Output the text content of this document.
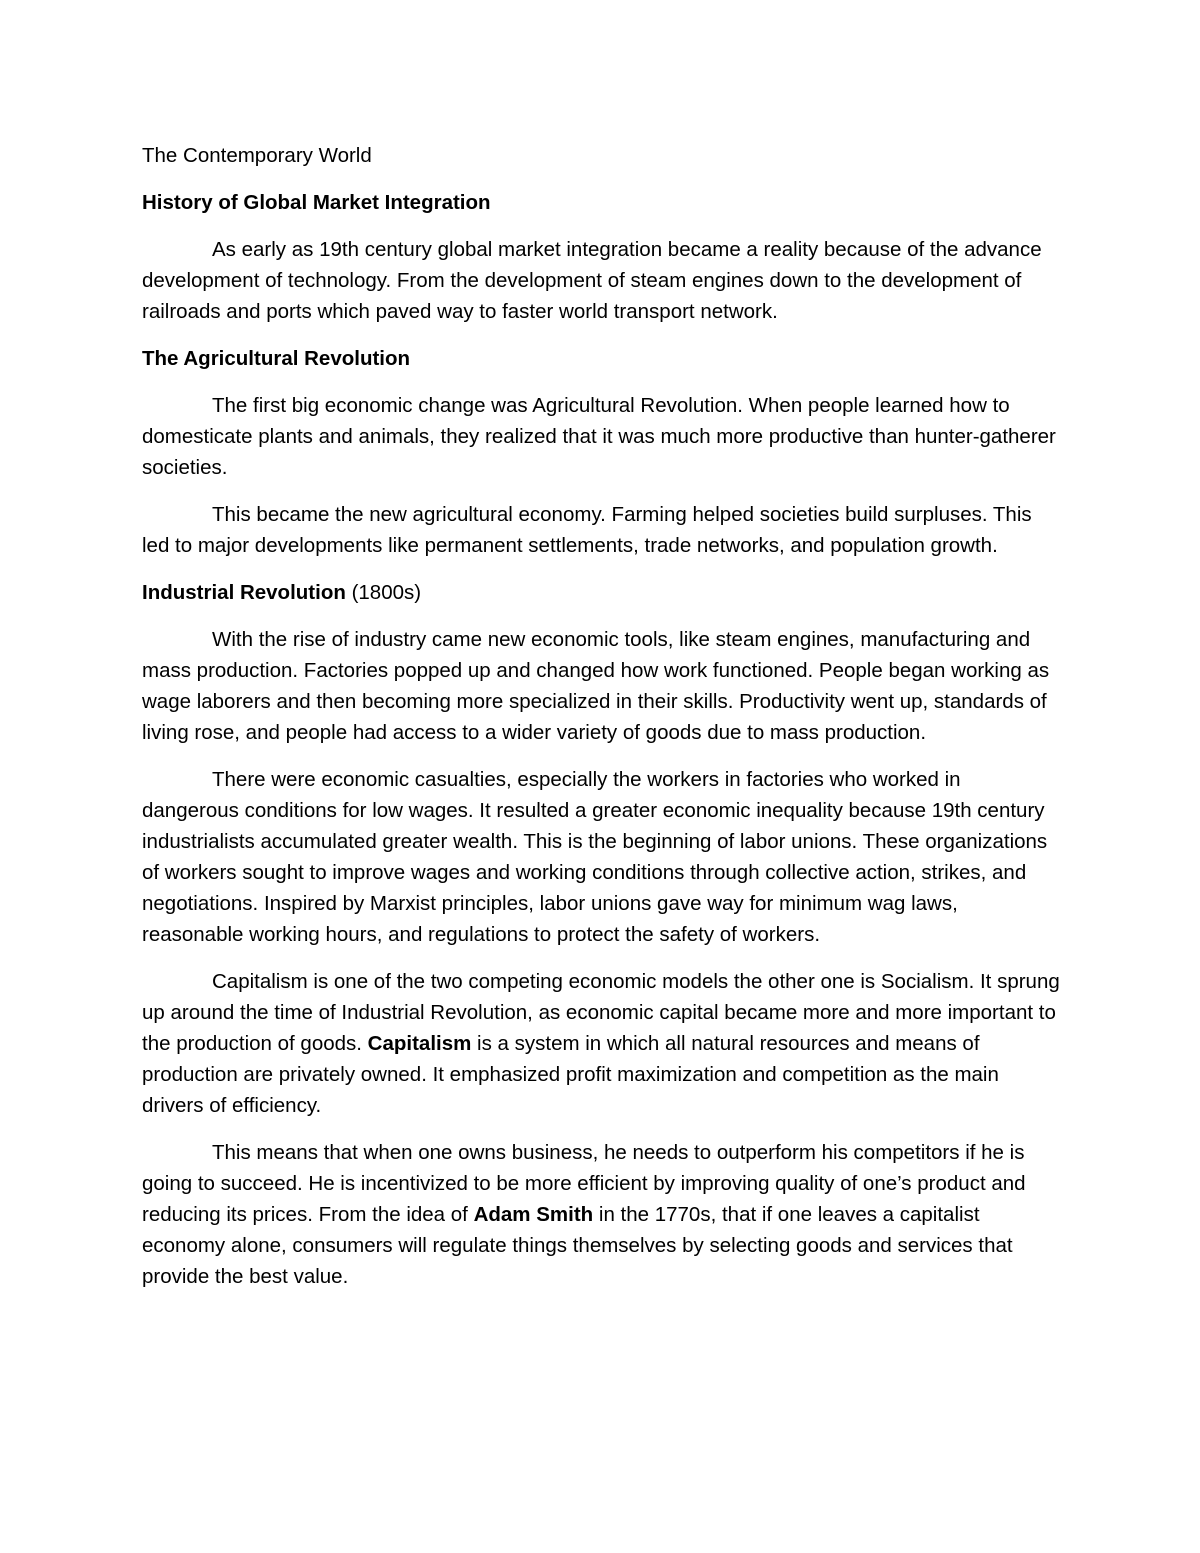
The Contemporary World

History of Global Market Integration

As early as 19th century global market integration became a reality because of the advance development of technology. From the development of steam engines down to the development of railroads and ports which paved way to faster world transport network.

The Agricultural Revolution

The first big economic change was Agricultural Revolution. When people learned how to domesticate plants and animals, they realized that it was much more productive than hunter-gatherer societies.

This became the new agricultural economy. Farming helped societies build surpluses. This led to major developments like permanent settlements, trade networks, and population growth.

Industrial Revolution (1800s)

With the rise of industry came new economic tools, like steam engines, manufacturing and mass production. Factories popped up and changed how work functioned. People began working as wage laborers and then becoming more specialized in their skills. Productivity went up, standards of living rose, and people had access to a wider variety of goods due to mass production.

There were economic casualties, especially the workers in factories who worked in dangerous conditions for low wages. It resulted a greater economic inequality because 19th century industrialists accumulated greater wealth. This is the beginning of labor unions. These organizations of workers sought to improve wages and working conditions through collective action, strikes, and negotiations. Inspired by Marxist principles, labor unions gave way for minimum wag laws, reasonable working hours, and regulations to protect the safety of workers.

Capitalism is one of the two competing economic models the other one is Socialism. It sprung up around the time of Industrial Revolution, as economic capital became more and more important to the production of goods. Capitalism is a system in which all natural resources and means of production are privately owned. It emphasized profit maximization and competition as the main drivers of efficiency.

This means that when one owns business, he needs to outperform his competitors if he is going to succeed. He is incentivized to be more efficient by improving quality of one’s product and reducing its prices. From the idea of Adam Smith in the 1770s, that if one leaves a capitalist economy alone, consumers will regulate things themselves by selecting goods and services that provide the best value.
